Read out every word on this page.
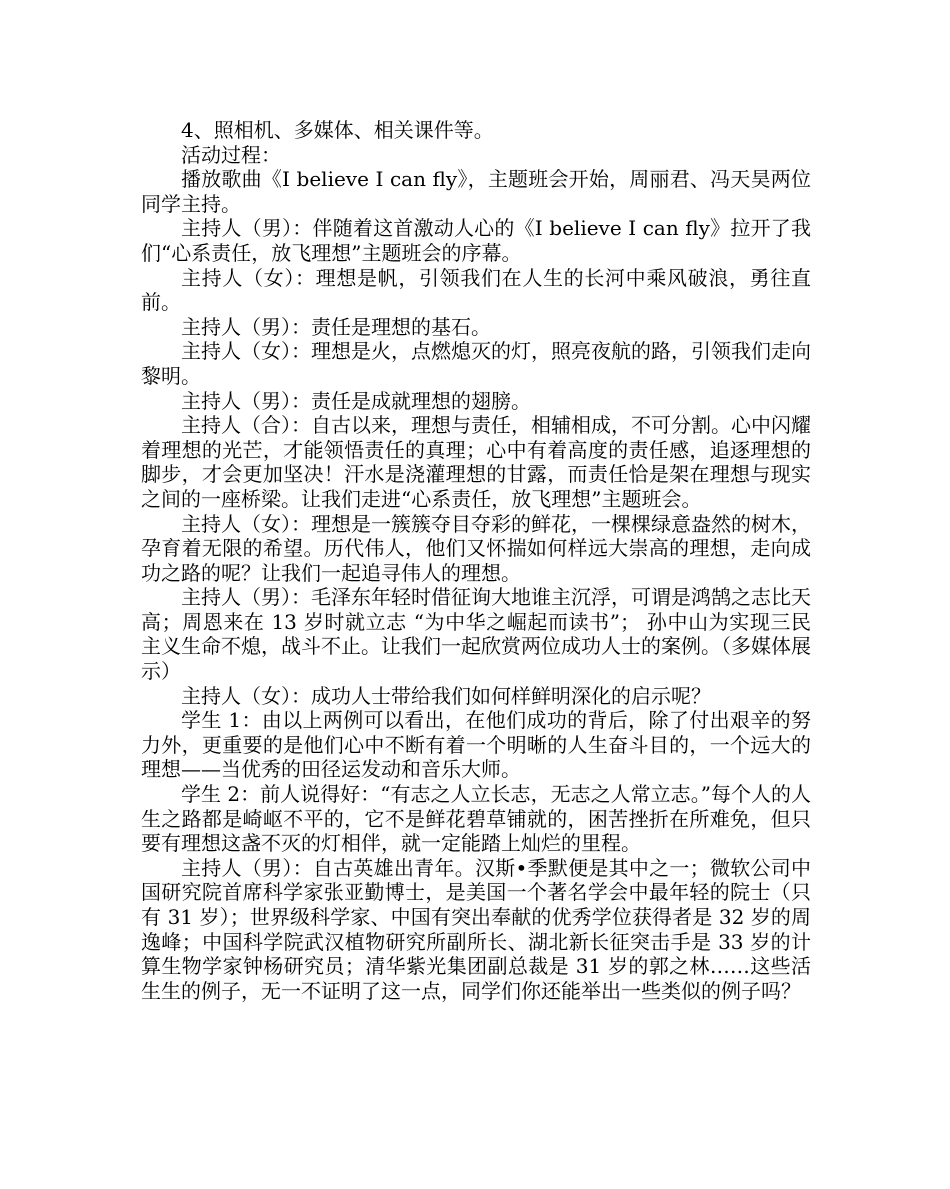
4、照相机、多媒体、相关课件等。

活动过程：

播放歌曲《I believe I can fly》，主题班会开始，周丽君、冯天昊两位同学主持。

主持人（男）：伴随着这首激动人心的《I believe I can fly》拉开了我们“心系责任，放飞理想”主题班会的序幕。

主持人（女）：理想是帆，引领我们在人生的长河中乘风破浪，勇往直前。

主持人（男）：责任是理想的基石。

主持人（女）：理想是火，点燃熄灭的灯，照亮夜航的路，引领我们走向黎明。

主持人（男）：责任是成就理想的翅膀。

主持人（合）：自古以来，理想与责任，相辅相成，不可分割。心中闪耀着理想的光芒，才能领悟责任的真理；心中有着高度的责任感，追逐理想的脚步，才会更加坚决！汗水是浇灌理想的甘露，而责任恰是架在理想与现实之间的一座桥梁。让我们走进“心系责任，放飞理想”主题班会。

主持人（女）：理想是一簇簇夺目夺彩的鲜花，一棵棵绿意盎然的树木，孕育着无限的希望。历代伟人，他们又怀揣如何样远大崇高的理想，走向成功之路的呢？让我们一起追寻伟人的理想。

主持人（男）：毛泽东年轻时借征询大地谁主沉浮，可谓是鸿鹄之志比天高；周恩来在 13 岁时就立志 “为中华之崛起而读书”； 孙中山为实现三民主义生命不熄，战斗不止。让我们一起欣赏两位成功人士的案例。（多媒体展示）

主持人（女）：成功人士带给我们如何样鲜明深化的启示呢？

学生 1：由以上两例可以看出，在他们成功的背后，除了付出艰辛的努力外，更重要的是他们心中不断有着一个明晰的人生奋斗目的，一个远大的理想——当优秀的田径运发动和音乐大师。

学生 2：前人说得好：“有志之人立长志，无志之人常立志。”每个人的人生之路都是崎岖不平的，它不是鲜花碧草铺就的，困苦挫折在所难免，但只要有理想这盏不灭的灯相伴，就一定能踏上灿烂的里程。

主持人（男）：自古英雄出青年。汉斯•季默便是其中之一；微软公司中国研究院首席科学家张亚勤博士，是美国一个著名学会中最年轻的院士（只有 31 岁）；世界级科学家、中国有突出奉献的优秀学位获得者是 32 岁的周逸峰；中国科学院武汉植物研究所副所长、湖北新长征突击手是 33 岁的计算生物学家钟杨研究员；清华紫光集团副总裁是 31 岁的郭之林……这些活生生的例子，无一不证明了这一点，同学们你还能举出一些类似的例子吗？
